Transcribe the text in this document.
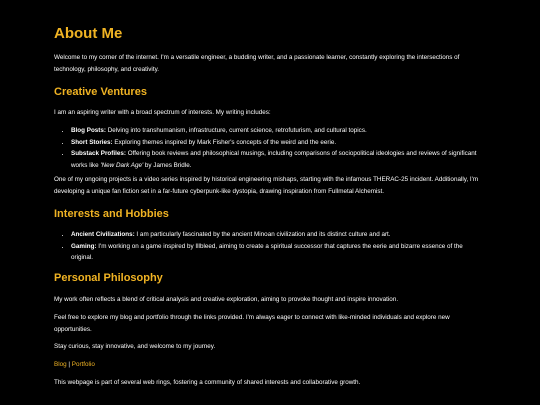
About Me

Welcome to my corner of the internet. I'm a versatile engineer, a budding writer, and a passionate learner, constantly exploring the intersections of technology, philosophy, and creativity.

Creative Ventures

I am an aspiring writer with a broad spectrum of interests. My writing includes:

• Blog Posts: Delving into transhumanism, infrastructure, current science, retrofuturism, and cultural topics.
• Short Stories: Exploring themes inspired by Mark Fisher's concepts of the weird and the eerie.
• Substack Profiles: Offering book reviews and philosophical musings, including comparisons of sociopolitical ideologies and reviews of significant works like 'New Dark Age' by James Bridle.

One of my ongoing projects is a video series inspired by historical engineering mishaps, starting with the infamous THERAC-25 incident. Additionally, I'm developing a unique fan fiction set in a far-future cyberpunk-like dystopia, drawing inspiration from Fullmetal Alchemist.

Interests and Hobbies
• Ancient Civilizations: I am particularly fascinated by the ancient Minoan civilization and its distinct culture and art.
• Gaming: I'm working on a game inspired by Illbleed, aiming to create a spiritual successor that captures the eerie and bizarre essence of the original.
Personal Philosophy

My work often reflects a blend of critical analysis and creative exploration, aiming to provoke thought and inspire innovation.

Feel free to explore my blog and portfolio through the links provided. I'm always eager to connect with like-minded individuals and explore new opportunities.

Stay curious, stay innovative, and welcome to my journey.

Blog | Portfolio

This webpage is part of several web rings, fostering a community of shared interests and collaborative growth.
